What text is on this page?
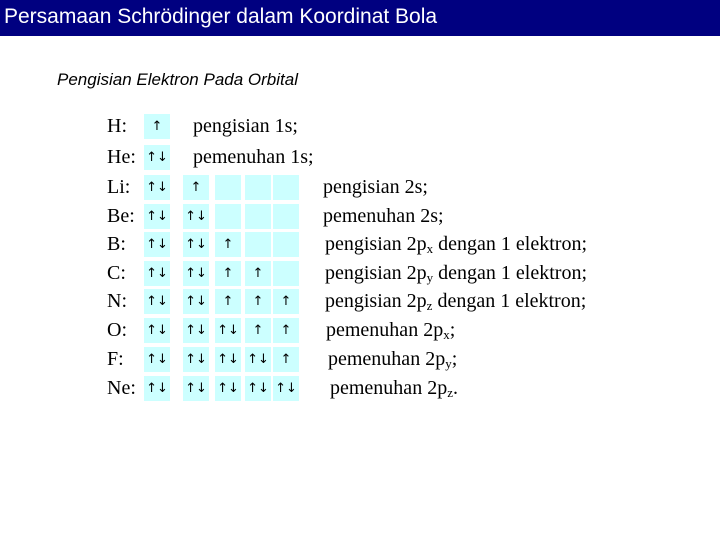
Persamaan Schrödinger dalam Koordinat Bola
Pengisian Elektron Pada Orbital
H:	↑	pengisian 1s;
He: ↑↓ pemenuhan 1s;
Li: ↑↓	↑	pengisian 2s;
Be: ↑↓ ↑↓	pemenuhan 2s;
B: ↑↓ ↑↓	↑	pengisian $2p_x$ dengan 1 elektron;
C: ↑↓ ↑↓	↑	↑	pengisian $2p_y$ dengan 1 elektron;
N: ↑↓ ↑↓	↑	↑	↑	pengisian $2p_z$ dengan 1 elektron;
O: ↑↓ ↑↓ ↑↓	↑	↑	pemenuhan $2p_x$;
F: ↑↓ ↑↓ ↑↓ ↑↓ ↑	pemenuhan $2p_y$;
Ne: ↑↓ ↑↓ ↑↓ ↑↓ ↑↓ pemenuhan $2p_z$.
